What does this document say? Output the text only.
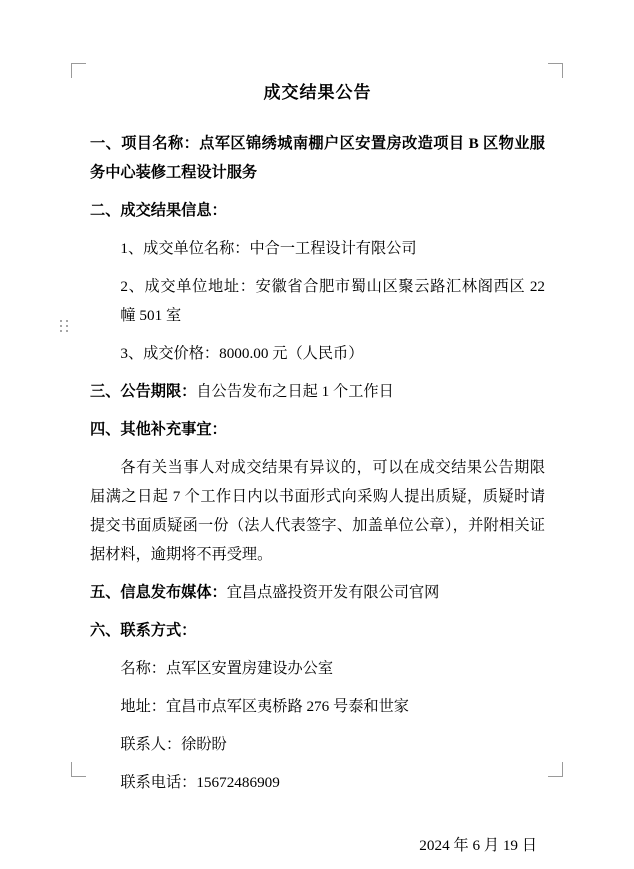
成交结果公告

一、项目名称：点军区锦绣城南棚户区安置房改造项目 B 区物业服务中心装修工程设计服务

二、成交结果信息：

1、成交单位名称：中合一工程设计有限公司

2、成交单位地址：安徽省合肥市蜀山区聚云路汇林阁西区 22 幢 501 室

3、成交价格：8000.00 元（人民币）

三、公告期限：自公告发布之日起 1 个工作日

四、其他补充事宜：

各有关当事人对成交结果有异议的，可以在成交结果公告期限届满之日起 7 个工作日内以书面形式向采购人提出质疑，质疑时请提交书面质疑函一份（法人代表签字、加盖单位公章），并附相关证据材料，逾期将不再受理。

五、信息发布媒体：宜昌点盛投资开发有限公司官网

六、联系方式：

名称：点军区安置房建设办公室

地址：宜昌市点军区夷桥路 276 号泰和世家

联系人：徐盼盼

联系电话：15672486909

2024 年 6 月 19 日
